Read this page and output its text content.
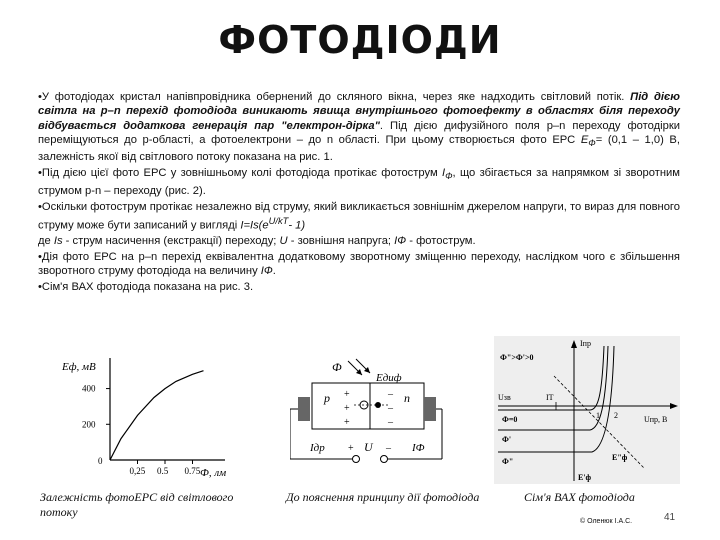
ФОТОДІОДИ

•У фотодіодах кристал напівпровідника обернений до скляного вікна, через яке надходить світловий потік. Під дією світла на p–n перехід фотодіода виникають явища внутрішнього фотоефекту в областях біля переходу відбувається додаткова генерація пар "електрон-дірка". Під дією дифузійного поля p–n переходу фотодірки переміщуються до p-області, а фотоелектрони – до n області. При цьому створюється фото ЕРС $Е_Ф= (0,1 - 1,0)$ В, залежність якої від світлового потоку показана на рис. 1.

•Під дією цієї фото ЕРС у зовнішньому колі фотодіода протікає фотострум $І_Ф$, що збігається за напрямком зі зворотним струмом p-n – переходу (рис. 2).

•Оскільки фотострум протікає незалежно від струму, який викликається зовнішнім джерелом напруги, то вираз для повного струму може бути записаний у вигляді $I=Is(e^{U/kT}-$ 1)

де Is - струм насичення (екстракції) переходу; U - зовнішня напруга; IФ - фотострум.

•Дія фото ЕРС на p–n перехід еквівалентна додатковому зворотному зміщенню переходу, наслідком чого є збільшення зворотного струму фотодіода на величину IФ.

•Сім'я ВАХ фотодіода показана на рис. 3.

Еф, мВ
Ф, лм
0
0,25 0.5 0.75
200
400
Ф
Eдиф
p	n
+
+
+
–
–
–
Iдр + U – IФ
Iпр
Uпр, В
Uзв	IТ
Ф">Ф'>0
Ф=0
Ф'
Ф"
1 2
E'ф
E"ф
Залежність фотоЕРС від світлового потоку
До пояснення принципу дії фотодіода	Сім'я ВАХ фотодіода
© Оленюк І.А.С.	41
